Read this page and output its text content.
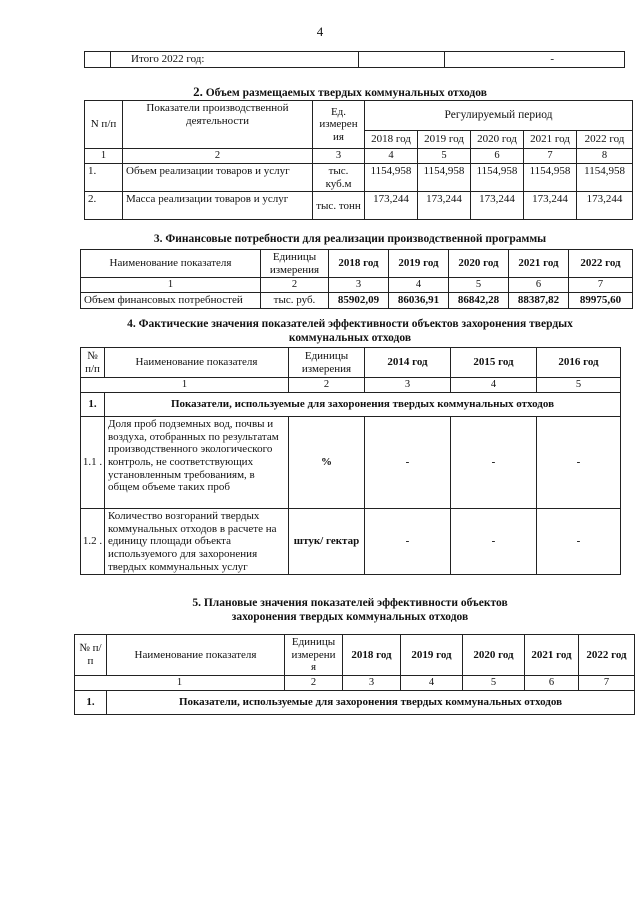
4
	Итого 2022 год:		-
2. Объем размещаемых твердых коммунальных отходов
N п/п	Показатели производственной деятельности	Ед. измерен ия	Регулируемый период				
			2018 год	2019 год	2020 год	2021 год	2022 год
1	2	3	4	5	6	7	8
1.	Объем реализации товаров и услуг	тыс. куб.м	1154,958	1154,958	1154,958	1154,958	1154,958
2.	Масса реализации товаров и услуг	тыс. тонн	173,244	173,244	173,244	173,244	173,244
3. Финансовые потребности для реализации производственной программы
Наименование показателя	Единицы измерения	2018 год	2019 год	2020 год	2021 год	2022 год
1	2	3	4	5	6	7
Объем финансовых потребностей	тыс. руб.	85902,09	86036,91	86842,28	88387,82	89975,60
4. Фактические значения показателей эффективности объектов захоронения твердых
коммунальных отходов
№ п/п	Наименование показателя	Единицы измерения	2014 год	2015 год	2016 год
1		2	3	4	5
1.	Показатели, используемые для захоронения твердых коммунальных отходов				
1.1 .	Доля проб подземных вод, почвы и воздуха, отобранных по результатам производственного экологического контроль, не соответствующих установленным требованиям, в общем объеме таких проб	%	-	-	-
1.2 .	Количество возгораний твердых коммунальных отходов в расчете на единицу площади объекта используемого для захоронения твердых коммунальных услуг	штук/ гектар	-	-	-
5. Плановые значения показателей эффективности объектов
захоронения твердых коммунальных отходов
№ п/п	Наименование показателя	Единицы измерени я	2018 год	2019 год	2020 год	2021 год	2022 год
1		2	3	4	5	6	7
1.	Показатели, используемые для захоронения твердых коммунальных отходов						
